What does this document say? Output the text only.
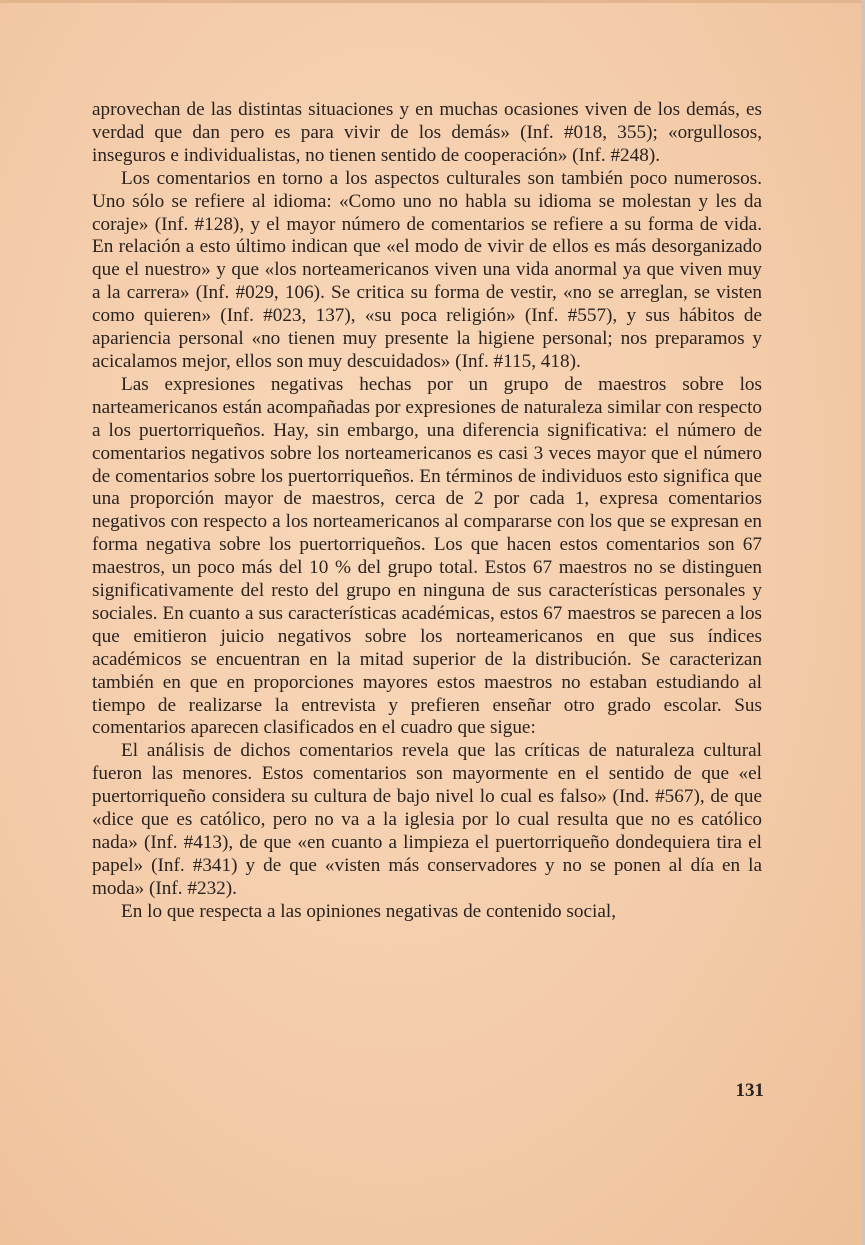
aprovechan de las distintas situaciones y en muchas ocasiones viven de los demás, es verdad que dan pero es para vivir de los demás» (Inf. #018, 355); «orgullosos, inseguros e individualistas, no tienen sentido de cooperación» (Inf. #248).

Los comentarios en torno a los aspectos culturales son también poco numerosos. Uno sólo se refiere al idioma: «Como uno no habla su idioma se molestan y les da coraje» (Inf. #128), y el mayor número de comentarios se refiere a su forma de vida. En relación a esto último indican que «el modo de vivir de ellos es más desorganizado que el nuestro» y que «los norteamericanos viven una vida anormal ya que viven muy a la carrera» (Inf. #029, 106). Se critica su forma de vestir, «no se arreglan, se visten como quieren» (Inf. #023, 137), «su poca religión» (Inf. #557), y sus hábitos de apariencia personal «no tienen muy presente la higiene personal; nos preparamos y acicalamos mejor, ellos son muy descuidados» (Inf. #115, 418).

Las expresiones negativas hechas por un grupo de maestros sobre los narteamericanos están acompañadas por expresiones de naturaleza similar con respecto a los puertorriqueños. Hay, sin embargo, una diferencia significativa: el número de comentarios negativos sobre los norteamericanos es casi 3 veces mayor que el número de comentarios sobre los puertorriqueños. En términos de individuos esto significa que una proporción mayor de maestros, cerca de 2 por cada 1, expresa comentarios negativos con respecto a los norteamericanos al compararse con los que se expresan en forma negativa sobre los puertorriqueños. Los que hacen estos comentarios son 67 maestros, un poco más del 10 % del grupo total. Estos 67 maestros no se distinguen significativamente del resto del grupo en ninguna de sus características personales y sociales. En cuanto a sus características académicas, estos 67 maestros se parecen a los que emitieron juicio negativos sobre los norteamericanos en que sus índices académicos se encuentran en la mitad superior de la distribución. Se caracterizan también en que en proporciones mayores estos maestros no estaban estudiando al tiempo de realizarse la entrevista y prefieren enseñar otro grado escolar. Sus comentarios aparecen clasificados en el cuadro que sigue:

El análisis de dichos comentarios revela que las críticas de naturaleza cultural fueron las menores. Estos comentarios son mayormente en el sentido de que «el puertorriqueño considera su cultura de bajo nivel lo cual es falso» (Ind. #567), de que «dice que es católico, pero no va a la iglesia por lo cual resulta que no es católico nada» (Inf. #413), de que «en cuanto a limpieza el puertorriqueño dondequiera tira el papel» (Inf. #341) y de que «visten más conservadores y no se ponen al día en la moda» (Inf. #232).

En lo que respecta a las opiniones negativas de contenido social,

131
